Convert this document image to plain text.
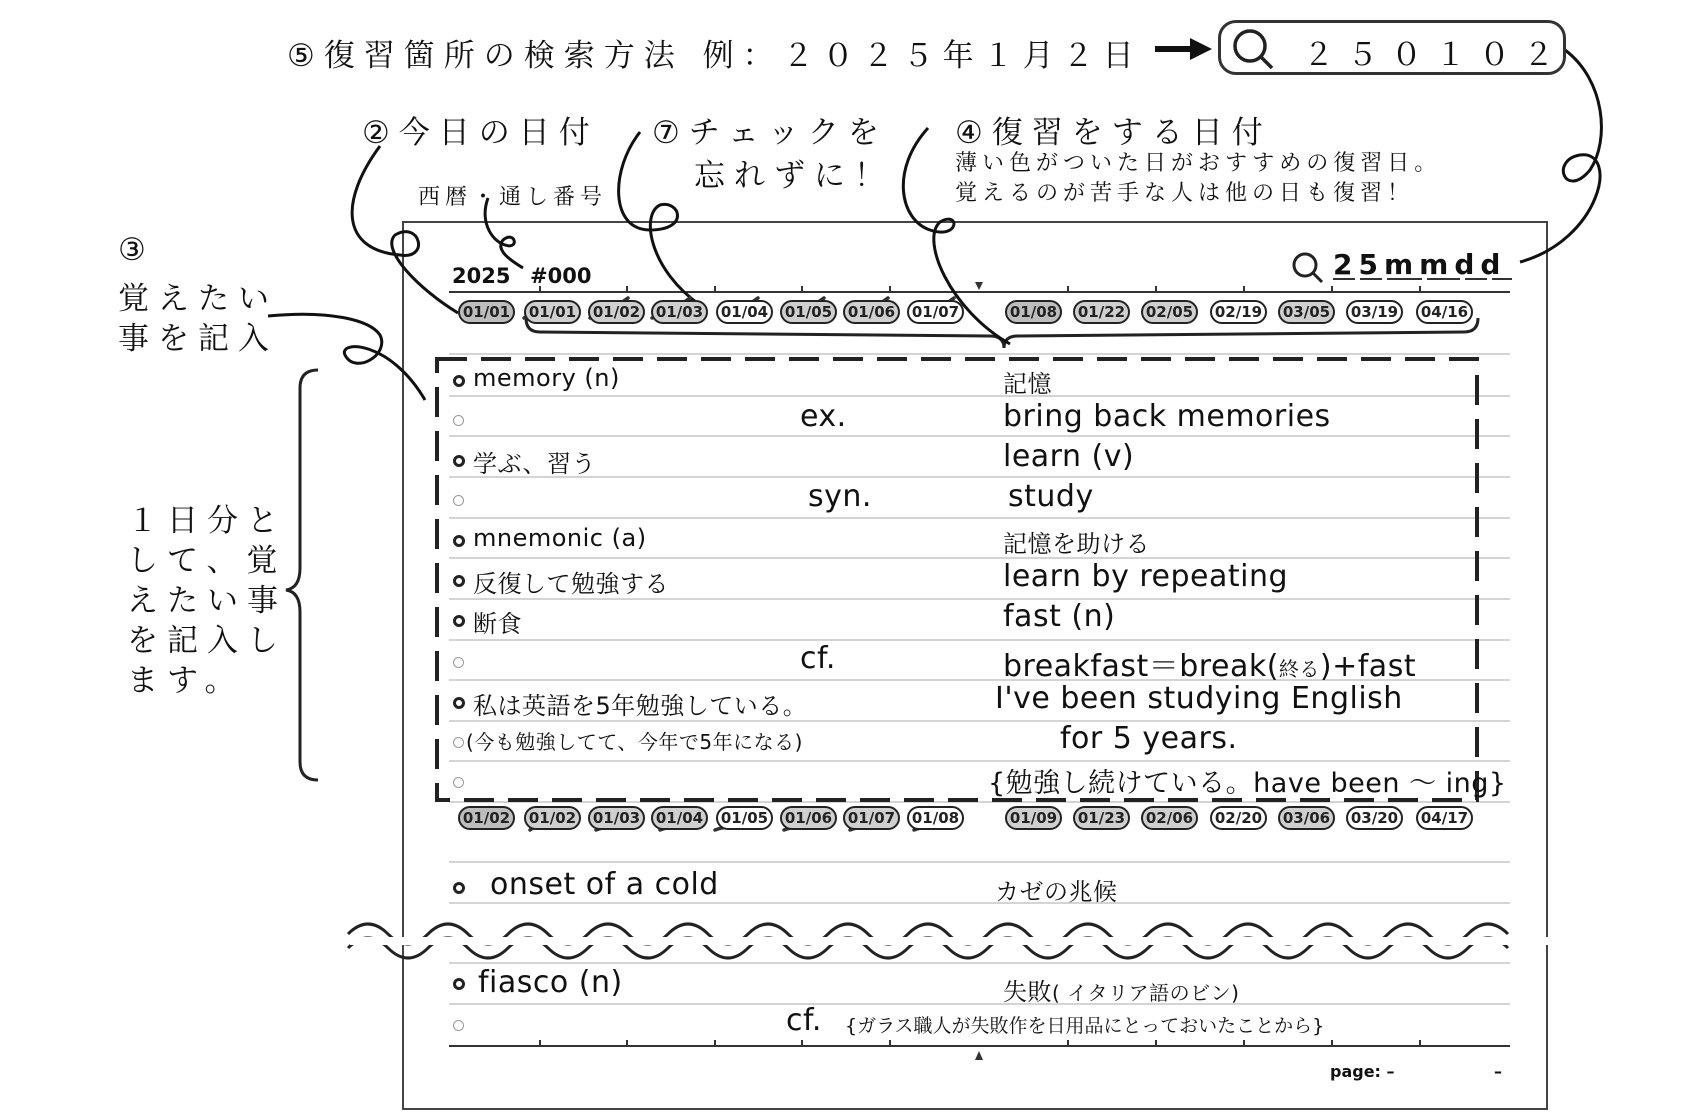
２５０１０２
⑤復習箇所の検索方法 例：２０２５年１月２日
②今日の日付 ⑦チェックを
忘れずに！
④復習をする日付
薄い色がついた日がおすすめの復習日。
覚えるのが苦手な人は他の日も復習！
西暦・通し番号
③
覚えたい
事を記入
１日分と
して、覚
えたい事
を記入し
ます。
2025 #000	25mmdd
01/01	01/01	01/02	01/03	01/04	01/05	01/06	01/07	01/08	01/22	02/05	02/19	03/05	03/19	04/16
01/02	01/02	01/03	01/04	01/05	01/06	01/07	01/08	01/09	01/23	02/06	02/20	03/06	03/20	04/17
memory (n)	記憶
ex.	bring back memories
学ぶ、習う	learn (v)
syn.	study
mnemonic (a)	記憶を助ける
反復して勉強する	learn by repeating
断食	fast (n)
cf.	breakfast＝break(終る)+fast
私は英語を5年勉強している。	I've been studying English
(今も勉強してて、今年で5年になる)	for 5 years.
{勉強し続けている。have been 〜 ing}
onset of a cold	カゼの兆候
fiasco (n)	失敗( イタリア語のビン)
cf. {ガラス職人が失敗作を日用品にとっておいたことから}
page: –	–
